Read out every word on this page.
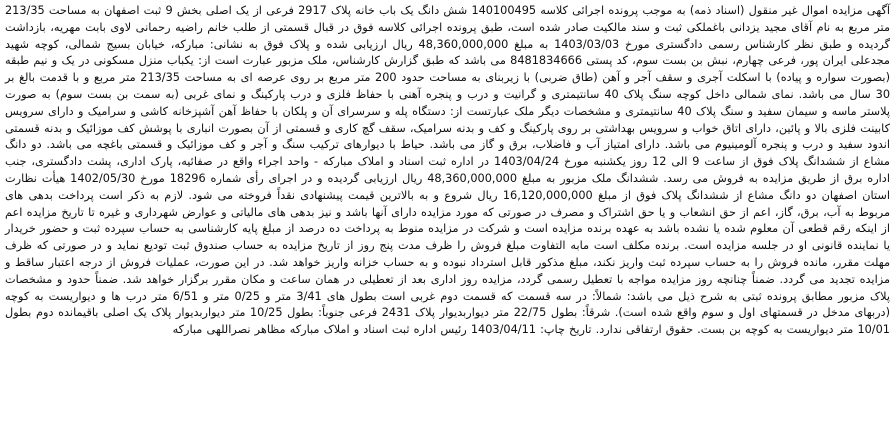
آگهی مزایده اموال غیر منقول (اسناد ذمه) به موجب پرونده اجرائی کلاسه 140100495 شش دانگ یک باب خانه پلاک 2917 فرعی از یک اصلی بخش 9 ثبت اصفهان به مساحت 213/35 متر مربع به نام آقای مجید یزدانی باغملکی ثبت و سند مالکیت صادر شده است، طبق پرونده اجرائی کلاسه فوق در قبال قسمتی از طلب خانم راضیه رحمانی لاوی بابت مهریه، بازداشت گردیده و طبق نظر کارشناس رسمی دادگستری مورخ 1403/03/03 به مبلغ 48,360,000,000 ریال ارزیابی شده و پلاک فوق به نشانی: مبارکه، خیابان بسیج شمالی، کوچه شهید مجدعلی ایران پور، فرعی چهارم، نبش بن بست سوم، کد پستی 8481834666 می باشد که طبق گزارش کارشناس، ملک مزبور عبارت است از: یکباب منزل مسکونی در یک و نیم طبقه (بصورت سواره و پیاده) با اسکلت آجری و سقف آجر و آهن (طاق ضربی) با زیربنای به مساحت حدود 200 متر مربع بر روی عرصه ای به مساحت 213/35 متر مربع و با قدمت بالغ بر 30 سال می باشد. نمای شمالی داخل کوچه سنگ پلاک 40 سانتیمتری و گرانیت و درب و پنجره آهنی با حفاظ فلزی و درب پارکینگ و نمای غربی (به سمت بن بست سوم) به صورت پلاستر ماسه و سیمان سفید و سنگ پلاک 40 سانتیمتری و مشخصات دیگر ملک عبارتست از: دستگاه پله و سرسرای آن و پلکان با حفاظ آهن آشپزخانه کاشی و سرامیک و دارای سرویس کابینت فلزی بالا و پائین، دارای اتاق خواب و سرویس بهداشتی بر روی پارکینگ و کف و بدنه سرامیک، سقف گچ کاری و قسمتی از آن بصورت انباری با پوشش کف موزائیک و بدنه قسمتی اندود سفید و درب و پنجره آلومینیوم می باشد. دارای امتیاز آب و فاضلاب، برق و گاز می باشد. حیاط با دیوارهای ترکیب سنگ و آجر و کف موزائیک و قسمتی باغچه می باشد. دو دانگ مشاع از ششدانگ پلاک فوق از ساعت 9 الی 12 روز یکشنبه مورخ 1403/04/24 در اداره ثبت اسناد و املاک مبارکه - واحد اجراء واقع در صفائیه، پارک اداری، پشت دادگستری، جنب اداره برق از طریق مزایده به فروش می رسد. ششدانگ ملک مزبور به مبلغ 48,360,000,000 ریال ارزیابی گردیده و در اجرای رأی شماره 18296 مورخ 1402/05/30 هیأت نظارت استان اصفهان دو دانگ مشاع از ششدانگ پلاک فوق از مبلغ 16,120,000,000 ریال شروع و به بالاترین قیمت پیشنهادی نقداً فروخته می شود. لازم به ذکر است پرداخت بدهی های مربوط به آب، برق، گاز، اعم از حق انشعاب و یا حق اشتراک و مصرف در صورتی که مورد مزایده دارای آنها باشد و نیز بدهی های مالیاتی و عوارض شهرداری و غیره تا تاریخ مزایده اعم از اینکه رقم قطعی آن معلوم شده یا نشده باشد به عهده برنده مزایده است و شرکت در مزایده منوط به پرداخت ده درصد از مبلغ پایه کارشناسی به حساب سپرده ثبت و حضور خریدار یا نماینده قانونی او در جلسه مزایده است. برنده مکلف است مابه التفاوت مبلغ فروش را ظرف مدت پنج روز از تاریخ مزایده به حساب صندوق ثبت تودیع نماید و در صورتی که ظرف مهلت مقرر، مانده فروش را به حساب سپرده ثبت واریز نکند، مبلغ مذکور قابل استرداد نبوده و به حساب خزانه واریز خواهد شد. در این صورت، عملیات فروش از درجه اعتبار ساقط و مزایده تجدید می گردد. ضمناً چنانچه روز مزایده مواجه با تعطیل رسمی گردد، مزایده روز اداری بعد از تعطیلی در همان ساعت و مکان مقرر برگزار خواهد شد. ضمناً حدود و مشخصات پلاک مزبور مطابق پرونده ثبتی به شرح ذیل می باشد: شمالاً: در سه قسمت که قسمت دوم غربی است بطول های 3/41 متر و 0/25 متر و 6/51 متر درب ها و دیواریست به کوچه (دربهای مدخل در قسمتهای اول و سوم واقع شده است). شرقاً: بطول 22/75 متر دیواربدیوار پلاک 2431 فرعی جنوباً: بطول 10/25 متر دیواربدیوار پلاک یک اصلی باقیمانده دوم بطول 10/01 متر دیواریست به کوچه بن بست. حقوق ارتفاقی ندارد. تاریخ چاپ: 1403/04/11 رئیس اداره ثبت اسناد و املاک مبارکه مظاهر نصراللهی مبارکه
